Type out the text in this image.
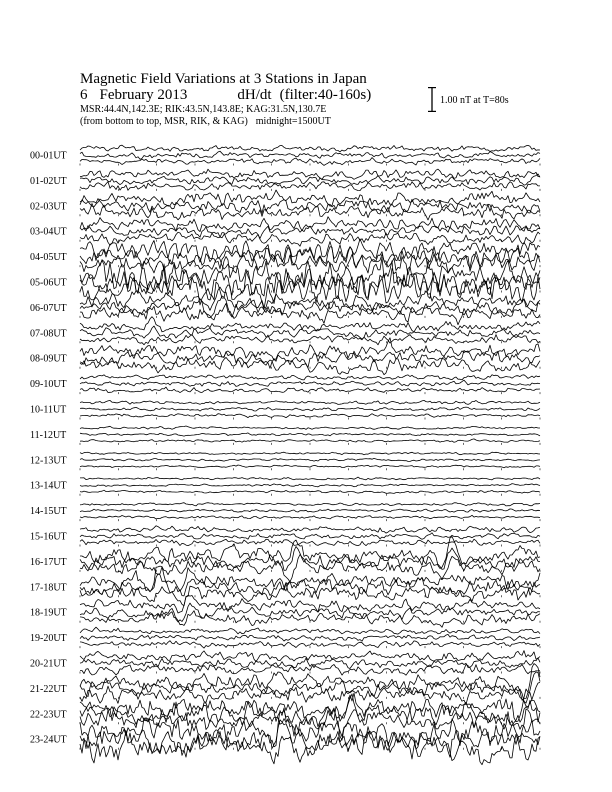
Magnetic Field Variations at 3 Stations in Japan
6 February 2013	dH/dt (filter:40-160s)
MSR:44.4N,142.3E; RIK:43.5N,143.8E; KAG:31.5N,130.7E
(from bottom to top, MSR, RIK, & KAG) midnight=1500UT
1.00 nT at T=80s
00-01UT
01-02UT
02-03UT
03-04UT
04-05UT
05-06UT
06-07UT
07-08UT
08-09UT
09-10UT
10-11UT
11-12UT
12-13UT
13-14UT
14-15UT
15-16UT
16-17UT
17-18UT
18-19UT
19-20UT
20-21UT
21-22UT
22-23UT
23-24UT
